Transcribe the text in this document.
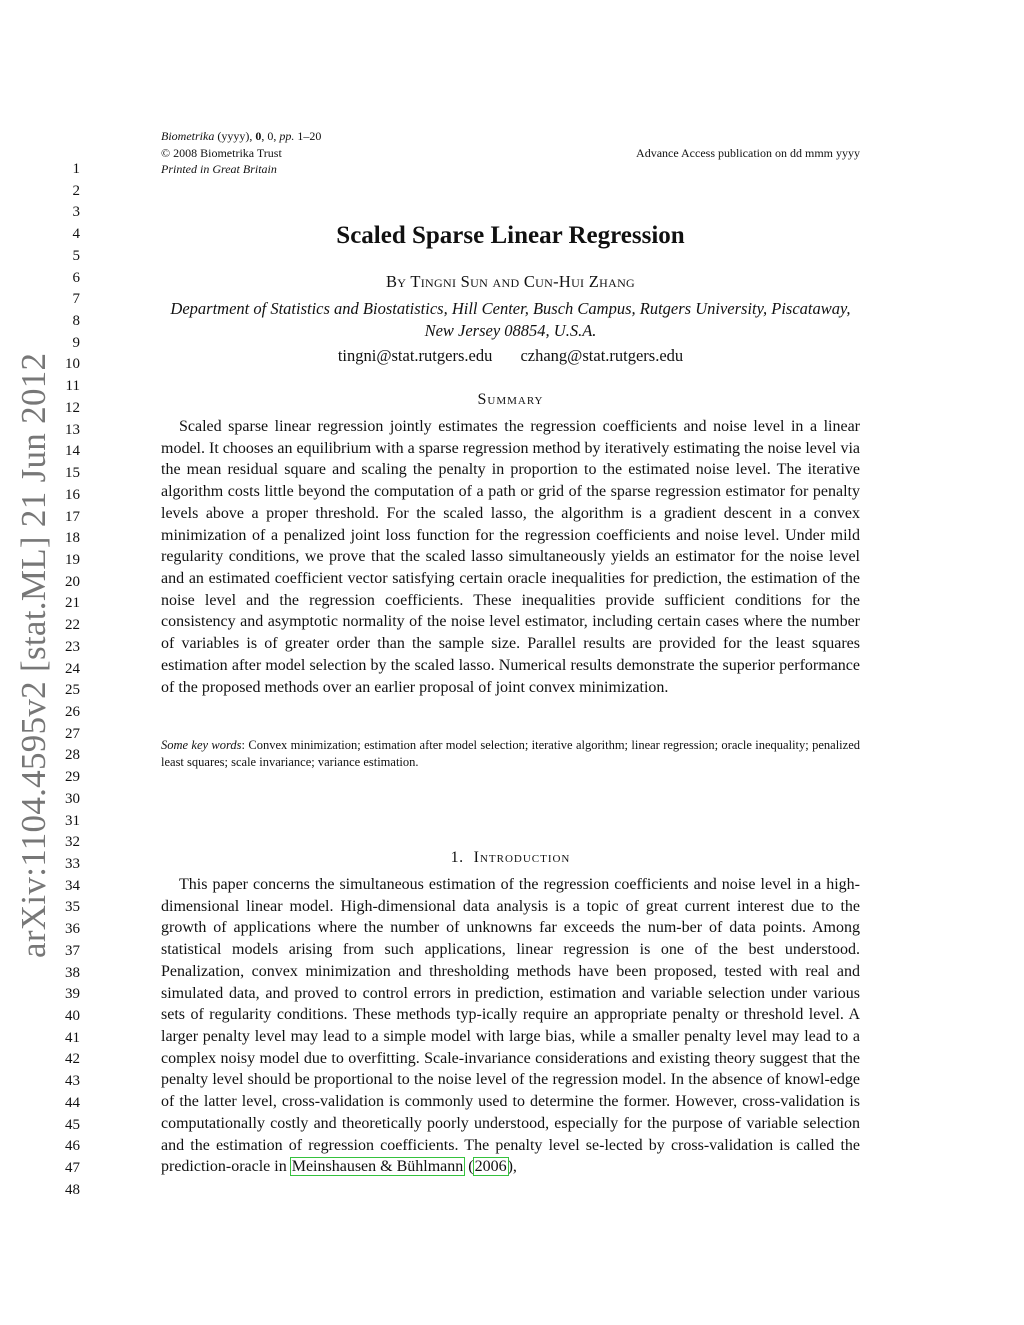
Biometrika (yyyy), 0, 0, pp. 1–20
© 2008 Biometrika Trust
Printed in Great Britain
Advance Access publication on dd mmm yyyy
1
2
3
4
5
6
7
8
9
10
11
12
13
14
15
16
17
18
19
20
21
22
23
24
25
26
27
28
29
30
31
32
33
34
35
36
37
38
39
40
41
42
43
44
45
46
47
48
arXiv:1104.4595v2 [stat.ML] 21 Jun 2012
Scaled Sparse Linear Regression
By Tingni Sun and Cun-Hui Zhang
Department of Statistics and Biostatistics, Hill Center, Busch Campus, Rutgers University, Piscataway, New Jersey 08854, U.S.A.
tingni@stat.rutgers.edu czhang@stat.rutgers.edu
Summary
Scaled sparse linear regression jointly estimates the regression coefficients and noise level in a linear model. It chooses an equilibrium with a sparse regression method by iteratively estimating the noise level via the mean residual square and scaling the penalty in proportion to the estimated noise level. The iterative algorithm costs little beyond the computation of a path or grid of the sparse regression estimator for penalty levels above a proper threshold. For the scaled lasso, the algorithm is a gradient descent in a convex minimization of a penalized joint loss function for the regression coefficients and noise level. Under mild regularity conditions, we prove that the scaled lasso simultaneously yields an estimator for the noise level and an estimated coefficient vector satisfying certain oracle inequalities for prediction, the estimation of the noise level and the regression coefficients. These inequalities provide sufficient conditions for the consistency and asymptotic normality of the noise level estimator, including certain cases where the number of variables is of greater order than the sample size. Parallel results are provided for the least squares estimation after model selection by the scaled lasso. Numerical results demonstrate the superior performance of the proposed methods over an earlier proposal of joint convex minimization.
Some key words: Convex minimization; estimation after model selection; iterative algorithm; linear regression; oracle inequality; penalized least squares; scale invariance; variance estimation.
1. Introduction
This paper concerns the simultaneous estimation of the regression coefficients and noise level in a high-dimensional linear model. High-dimensional data analysis is a topic of great current interest due to the growth of applications where the number of unknowns far exceeds the num-ber of data points. Among statistical models arising from such applications, linear regression is one of the best understood. Penalization, convex minimization and thresholding methods have been proposed, tested with real and simulated data, and proved to control errors in prediction, estimation and variable selection under various sets of regularity conditions. These methods typ-ically require an appropriate penalty or threshold level. A larger penalty level may lead to a simple model with large bias, while a smaller penalty level may lead to a complex noisy model due to overfitting. Scale-invariance considerations and existing theory suggest that the penalty level should be proportional to the noise level of the regression model. In the absence of knowl-edge of the latter level, cross-validation is commonly used to determine the former. However, cross-validation is computationally costly and theoretically poorly understood, especially for the purpose of variable selection and the estimation of regression coefficients. The penalty level se-lected by cross-validation is called the prediction-oracle in Meinshausen & Bühlmann (2006),
